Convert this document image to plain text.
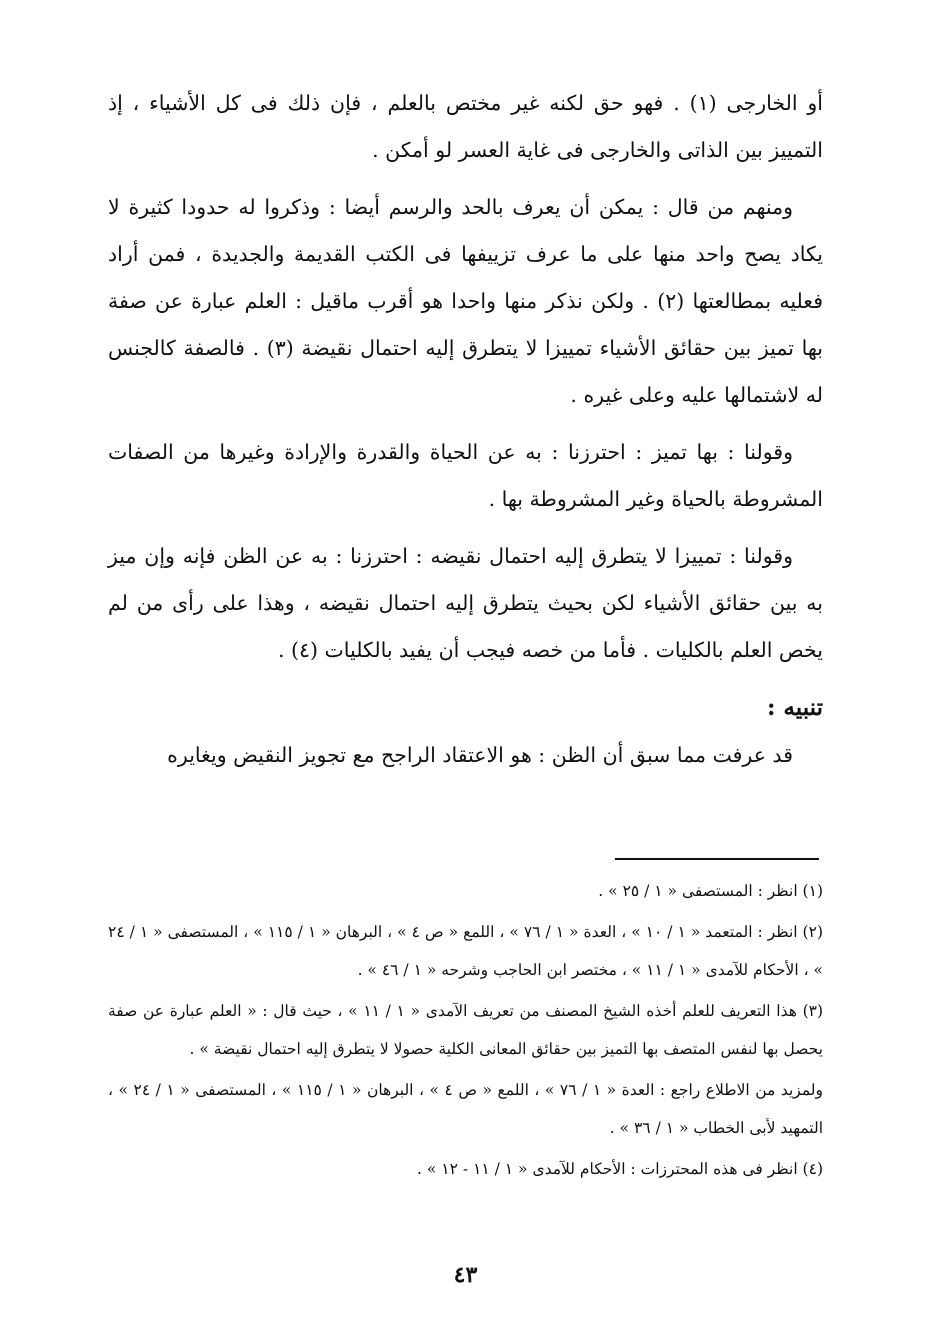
أو الخارجى (١) . فهو حق لكنه غير مختص بالعلم ، فإن ذلك فى كل الأشياء ، إذ التمييز بين الذاتى والخارجى فى غاية العسر لو أمكن .

ومنهم من قال : يمكن أن يعرف بالحد والرسم أيضا : وذكروا له حدودا كثيرة لا يكاد يصح واحد منها على ما عرف تزييفها فى الكتب القديمة والجديدة ، فمن أراد فعليه بمطالعتها (٢) . ولكن نذكر منها واحدا هو أقرب ماقيل : العلم عبارة عن صفة بها تميز بين حقائق الأشياء تمييزا لا يتطرق إليه احتمال نقيضة (٣) . فالصفة كالجنس له لاشتمالها عليه وعلى غيره .

وقولنا : بها تميز : احترزنا : به عن الحياة والقدرة والإرادة وغيرها من الصفات المشروطة بالحياة وغير المشروطة بها .

وقولنا : تمييزا لا يتطرق إليه احتمال نقيضه : احترزنا : به عن الظن فإنه وإن ميز به بين حقائق الأشياء لكن بحيث يتطرق إليه احتمال نقيضه ، وهذا على رأى من لم يخص العلم بالكليات . فأما من خصه فيجب أن يفيد بالكليات (٤) .

تنبيه :

قد عرفت مما سبق أن الظن : هو الاعتقاد الراجح مع تجويز النقيض ويغايره

(١) انظر : المستصفى « ١ / ٢٥ » .

(٢) انظر : المتعمد « ١ / ١٠ » ، العدة « ١ / ٧٦ » ، اللمع « ص ٤ » ، البرهان « ١ / ١١٥ » ، المستصفى « ١ / ٢٤ » ، الأحكام للآمدى « ١ / ١١ » ، مختصر ابن الحاجب وشرحه « ١ / ٤٦ » .

(٣) هذا التعريف للعلم أخذه الشيخ المصنف من تعريف الآمدى « ١ / ١١ » ، حيث قال : « العلم عبارة عن صفة يحصل بها لنفس المتصف بها التميز بين حقائق المعانى الكلية حصولا لا يتطرق إليه احتمال نقيضة » .

ولمزيد من الاطلاع راجع : العدة « ١ / ٧٦ » ، اللمع « ص ٤ » ، البرهان « ١ / ١١٥ » ، المستصفى « ١ / ٢٤ » ، التمهيد لأبى الخطاب « ١ / ٣٦ » .

(٤) انظر فى هذه المحترزات : الأحكام للآمدى « ١ / ١١ - ١٢ » .

٤٣
